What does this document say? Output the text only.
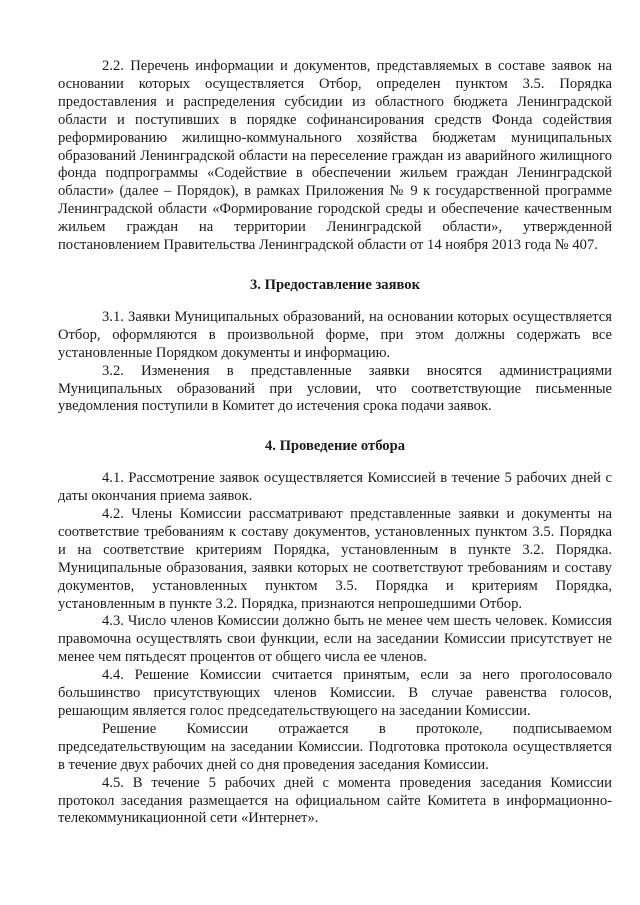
2.2. Перечень информации и документов, представляемых в составе заявок на основании которых осуществляется Отбор, определен пунктом 3.5. Порядка предоставления и распределения субсидии из областного бюджета Ленинградской области и поступивших в порядке софинансирования средств Фонда содействия реформированию жилищно-коммунального хозяйства бюджетам муниципальных образований Ленинградской области на переселение граждан из аварийного жилищного фонда подпрограммы «Содействие в обеспечении жильем граждан Ленинградской области» (далее – Порядок), в рамках Приложения № 9 к государственной программе Ленинградской области «Формирование городской среды и обеспечение качественным жильем граждан на территории Ленинградской области», утвержденной постановлением Правительства Ленинградской области от 14 ноября 2013 года № 407.

3. Предоставление заявок

3.1. Заявки Муниципальных образований, на основании которых осуществляется Отбор, оформляются в произвольной форме, при этом должны содержать все установленные Порядком документы и информацию.

3.2. Изменения в представленные заявки вносятся администрациями Муниципальных образований при условии, что соответствующие письменные уведомления поступили в Комитет до истечения срока подачи заявок.

4. Проведение отбора

4.1. Рассмотрение заявок осуществляется Комиссией в течение 5 рабочих дней с даты окончания приема заявок.

4.2. Члены Комиссии рассматривают представленные заявки и документы на соответствие требованиям к составу документов, установленных пунктом 3.5. Порядка и на соответствие критериям Порядка, установленным в пункте 3.2. Порядка. Муниципальные образования, заявки которых не соответствуют требованиям и составу документов, установленных пунктом 3.5. Порядка и критериям Порядка, установленным в пункте 3.2. Порядка, признаются непрошедшими Отбор.

4.3. Число членов Комиссии должно быть не менее чем шесть человек. Комиссия правомочна осуществлять свои функции, если на заседании Комиссии присутствует не менее чем пятьдесят процентов от общего числа ее членов.

4.4. Решение Комиссии считается принятым, если за него проголосовало большинство присутствующих членов Комиссии. В случае равенства голосов, решающим является голос председательствующего на заседании Комиссии.

Решение Комиссии отражается в протоколе, подписываемом председательствующим на заседании Комиссии. Подготовка протокола осуществляется в течение двух рабочих дней со дня проведения заседания Комиссии.

4.5. В течение 5 рабочих дней с момента проведения заседания Комиссии протокол заседания размещается на официальном сайте Комитета в информационно-телекоммуникационной сети «Интернет».
